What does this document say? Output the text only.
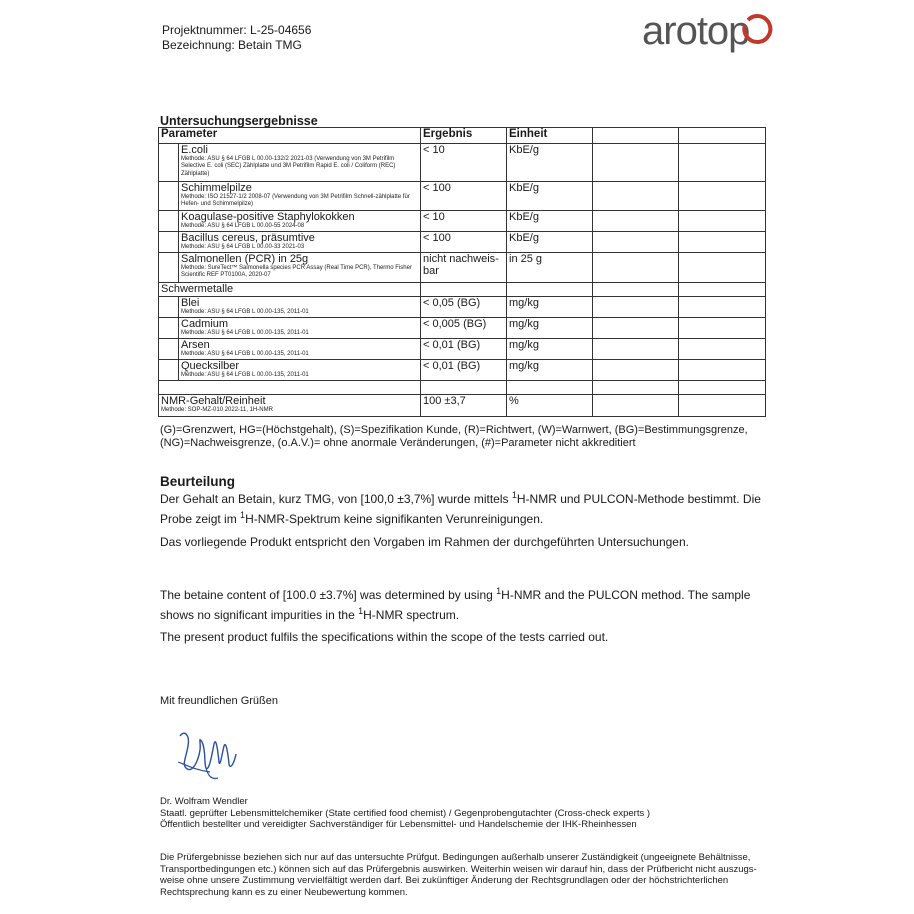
Projektnummer: L-25-04656
Bezeichnung: Betain TMG	arotop
Untersuchungsergebnisse
Parameter		Ergebnis	Einheit		

	E.coli
Methode: ASU § 64 LFGB L 00.00-132/2 2021-03 (Verwendung von 3M Petrifilm Selective E. coli (SEC) Zählplatte und 3M Petrifilm Rapid E. coli / Coliform (REC) Zählplatte)	< 10	KbE/g		

	Schimmelpilze
Methode: ISO 21527-1/2 2008-07 (Verwendung von 3M Petrifilm Schnell-zählplatte für Hefen- und Schimmelpilze)	< 100	KbE/g		

	Koagulase-positive Staphylokokken
Methode: ASU § 64 LFGB L 00.00-55 2024-08	< 10	KbE/g		

	Bacillus cereus, präsumtive
Methode: ASU § 64 LFGB L 00.00-33 2021-03	< 100	KbE/g		

	Salmonellen (PCR) in 25g
Methode: SureTect™ Salmonella species PCR Assay (Real Time PCR), Thermo Fisher Scientific REF PT0100A, 2020-07	nicht nachweis-bar	in 25 g		
Schwermetalle					

	Blei
Methode: ASU § 64 LFGB L 00.00-135, 2011-01	< 0,05 (BG)	mg/kg		

	Cadmium
Methode: ASU § 64 LFGB L 00.00-135, 2011-01	< 0,005 (BG)	mg/kg		

	Arsen
Methode: ASU § 64 LFGB L 00.00-135, 2011-01	< 0,01 (BG)	mg/kg		

	Quecksilber
Methode: ASU § 64 LFGB L 00.00-135, 2011-01	< 0,01 (BG)	mg/kg		

NMR-Gehalt/Reinheit
Methode: SOP-MZ-010 2022-11, 1H-NMR		100 ±3,7	%		
(G)=Grenzwert, HG=(Höchstgehalt), (S)=Spezifikation Kunde, (R)=Richtwert, (W)=Warnwert, (BG)=Bestimmungsgrenze,
(NG)=Nachweisgrenze, (o.A.V.)= ohne anormale Veränderungen, (#)=Parameter nicht akkreditiert
Beurteilung
Der Gehalt an Betain, kurz TMG, von [100,0 ±3,7%] wurde mittels $^1$H-NMR und PULCON-Methode bestimmt. Die
Probe zeigt im $^1$H-NMR-Spektrum keine signifikanten Verunreinigungen.
Das vorliegende Produkt entspricht den Vorgaben im Rahmen der durchgeführten Untersuchungen.
The betaine content of [100.0 ±3.7%] was determined by using $^1$H-NMR and the PULCON method. The sample
shows no significant impurities in the $^1$H-NMR spectrum.
The present product fulfils the specifications within the scope of the tests carried out.
Mit freundlichen Grüßen
Dr. Wolfram Wendler
Staatl. geprüfter Lebensmittelchemiker (State certified food chemist) / Gegenprobengutachter (Cross-check experts )
Öffentlich bestellter und vereidigter Sachverständiger für Lebensmittel- und Handelschemie der IHK-Rheinhessen
Die Prüfergebnisse beziehen sich nur auf das untersuchte Prüfgut. Bedingungen außerhalb unserer Zuständigkeit (ungeeignete Behältnisse,
Transportbedingungen etc.) können sich auf das Prüfergebnis auswirken. Weiterhin weisen wir darauf hin, dass der Prüfbericht nicht auszugs-
weise ohne unsere Zustimmung vervielfältigt werden darf. Bei zukünftiger Änderung der Rechtsgrundlagen oder der höchstrichterlichen
Rechtsprechung kann es zu einer Neubewertung kommen.
